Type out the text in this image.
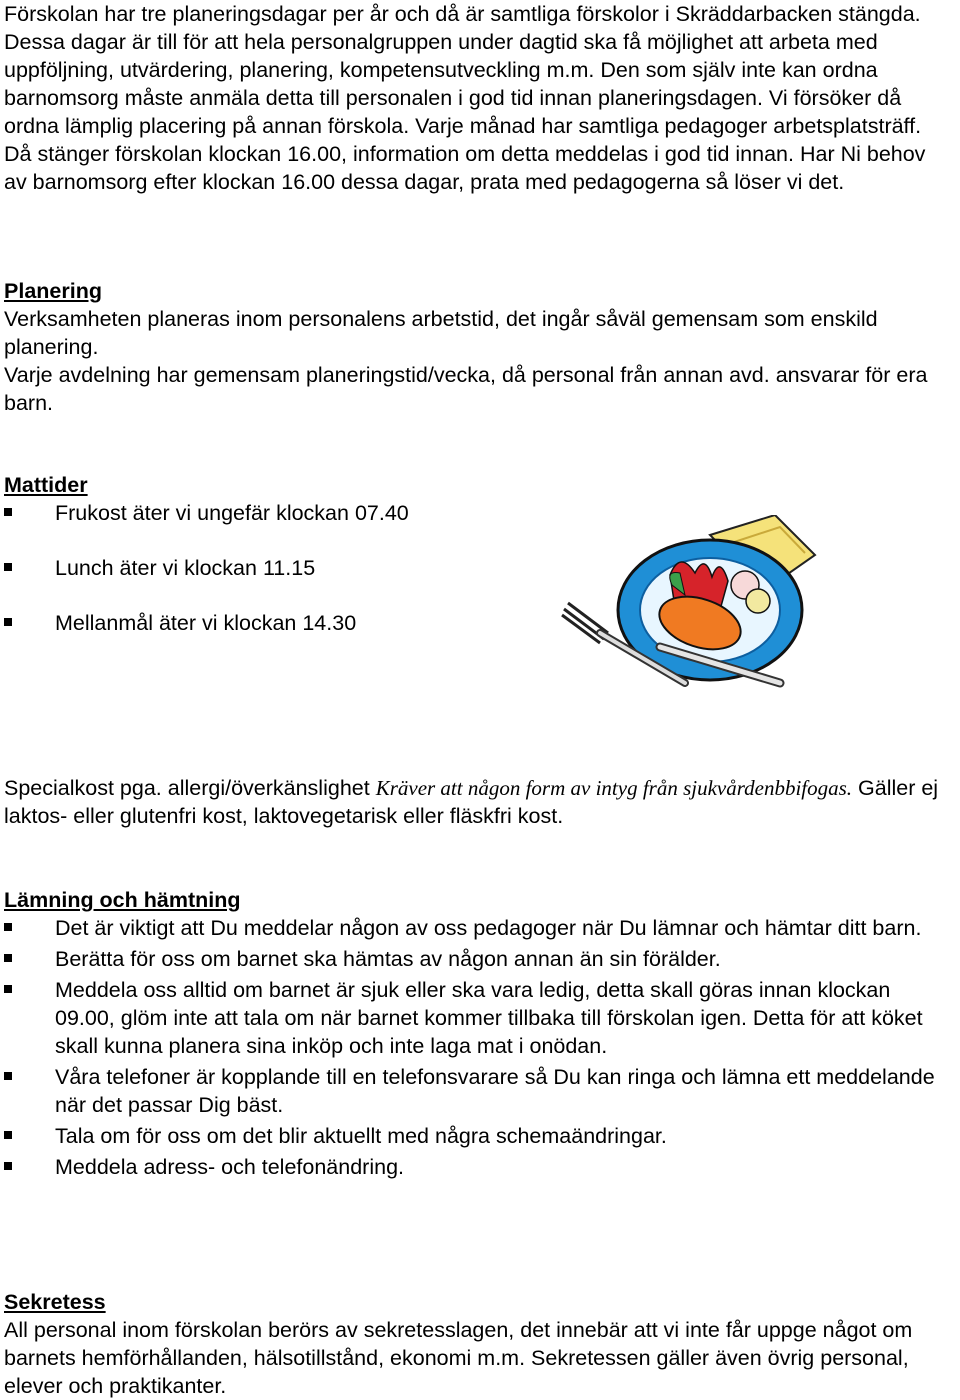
Förskolan har tre planeringsdagar per år och då är samtliga förskolor i Skräddarbacken stängda. Dessa dagar är till för att hela personalgruppen under dagtid ska få möjlighet att arbeta med uppföljning, utvärdering, planering, kompetensutveckling m.m. Den som själv inte kan ordna barnomsorg måste anmäla detta till personalen i god tid innan planeringsdagen. Vi försöker då ordna lämplig placering på annan förskola. Varje månad har samtliga pedagoger arbetsplatsträff. Då stänger förskolan klockan 16.00, information om detta meddelas i god tid innan. Har Ni behov av barnomsorg efter klockan 16.00 dessa dagar, prata med pedagogerna så löser vi det.

Planering

Verksamheten planeras inom personalens arbetstid, det ingår såväl gemensam som enskild planering.

Varje avdelning har gemensam planeringstid/vecka, då personal från annan avd. ansvarar för era barn.

Mattider

Frukost äter vi ungefär klockan 07.40
Lunch äter vi klockan 11.15
Mellanmål äter vi klockan 14.30

Specialkost pga. allergi/överkänslighet Kräver att någon form av intyg från sjukvårdenbbifogas. Gäller ej laktos- eller glutenfri kost, laktovegetarisk eller fläskfri kost.

Lämning och hämtning

Det är viktigt att Du meddelar någon av oss pedagoger när Du lämnar och hämtar ditt barn.
Berätta för oss om barnet ska hämtas av någon annan än sin förälder.
Meddela oss alltid om barnet är sjuk eller ska vara ledig, detta skall göras innan klockan 09.00, glöm inte att tala om när barnet kommer tillbaka till förskolan igen. Detta för att köket skall kunna planera sina inköp och inte laga mat i onödan.
Våra telefoner är kopplande till en telefonsvarare så Du kan ringa och lämna ett meddelande när det passar Dig bäst.
Tala om för oss om det blir aktuellt med några schemaändringar.
Meddela adress- och telefonändring.

Sekretess

All personal inom förskolan berörs av sekretesslagen, det innebär att vi inte får uppge något om barnets hemförhållanden, hälsotillstånd, ekonomi m.m. Sekretessen gäller även övrig personal, elever och praktikanter.
